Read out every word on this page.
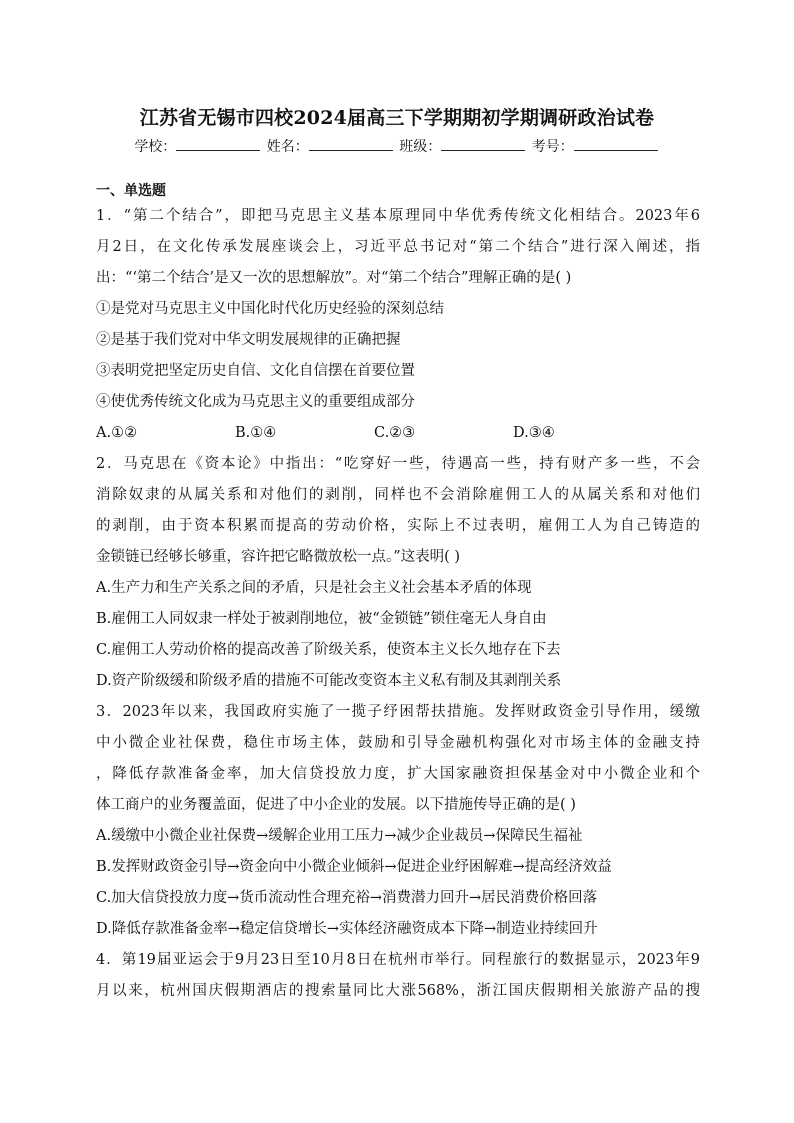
江苏省无锡市四校2024届高三下学期期初学期调研政治试卷
学校：	姓名：	班级：	考号：
一、单选题
1．“第二个结合”，即把马克思主义基本原理同中华优秀传统文化相结合。2023年6
月2日，在文化传承发展座谈会上，习近平总书记对“第二个结合”进行深入阐述，指
出：“‘第二个结合’是又一次的思想解放”。对“第二个结合”理解正确的是( )
①是党对马克思主义中国化时代化历史经验的深刻总结
②是基于我们党对中华文明发展规律的正确把握
③表明党把坚定历史自信、文化自信摆在首要位置
④使优秀传统文化成为马克思主义的重要组成部分
A.①②	B.①④	C.②③	D.③④
2．马克思在《资本论》中指出：“吃穿好一些，待遇高一些，持有财产多一些，不会
消除奴隶的从属关系和对他们的剥削，同样也不会消除雇佣工人的从属关系和对他们
的剥削，由于资本积累而提高的劳动价格，实际上不过表明，雇佣工人为自己铸造的
金锁链已经够长够重，容许把它略微放松一点。”这表明( )
A.生产力和生产关系之间的矛盾，只是社会主义社会基本矛盾的体现
B.雇佣工人同奴隶一样处于被剥削地位，被“金锁链”锁住毫无人身自由
C.雇佣工人劳动价格的提高改善了阶级关系，使资本主义长久地存在下去
D.资产阶级缓和阶级矛盾的措施不可能改变资本主义私有制及其剥削关系
3．2023年以来，我国政府实施了一揽子纾困帮扶措施。发挥财政资金引导作用，缓缴
中小微企业社保费，稳住市场主体，鼓励和引导金融机构强化对市场主体的金融支持
，降低存款准备金率，加大信贷投放力度，扩大国家融资担保基金对中小微企业和个
体工商户的业务覆盖面，促进了中小企业的发展。以下措施传导正确的是( )
A.缓缴中小微企业社保费→缓解企业用工压力→减少企业裁员→保障民生福祉
B.发挥财政资金引导→资金向中小微企业倾斜→促进企业纾困解难→提高经济效益
C.加大信贷投放力度→货币流动性合理充裕→消费潜力回升→居民消费价格回落
D.降低存款准备金率→稳定信贷增长→实体经济融资成本下降→制造业持续回升
4．第19届亚运会于9月23日至10月8日在杭州市举行。同程旅行的数据显示，2023年9
月以来，杭州国庆假期酒店的搜索量同比大涨568%，浙江国庆假期相关旅游产品的搜
